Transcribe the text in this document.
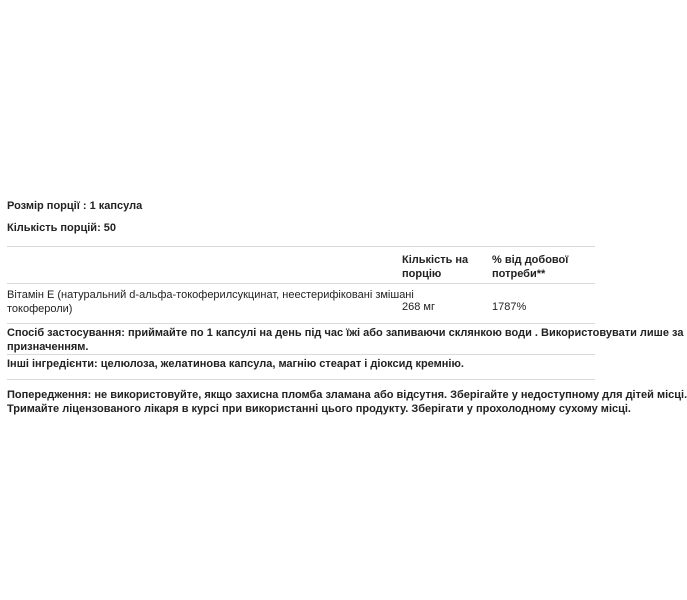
Розмір порції : 1 капсула
Кількість порцій: 50
Кількість на
порцію
% від добової
потреби**
Вітамін Е (натуральний d-альфа-токоферилсукцинат, неестерифіковані змішані
токофероли)	268 мг	1787%
Спосіб застосування: приймайте по 1 капсулі на день під час їжі або запиваючи склянкою води . Використовувати лише за
призначенням.
Інші інгредієнти: целюлоза, желатинова капсула, магнію стеарат і діоксид кремнію.
Попередження: не використовуйте, якщо захисна пломба зламана або відсутня. Зберігайте у недоступному для дітей місці.
Тримайте ліцензованого лікаря в курсі при використанні цього продукту. Зберігати у прохолодному сухому місці.
